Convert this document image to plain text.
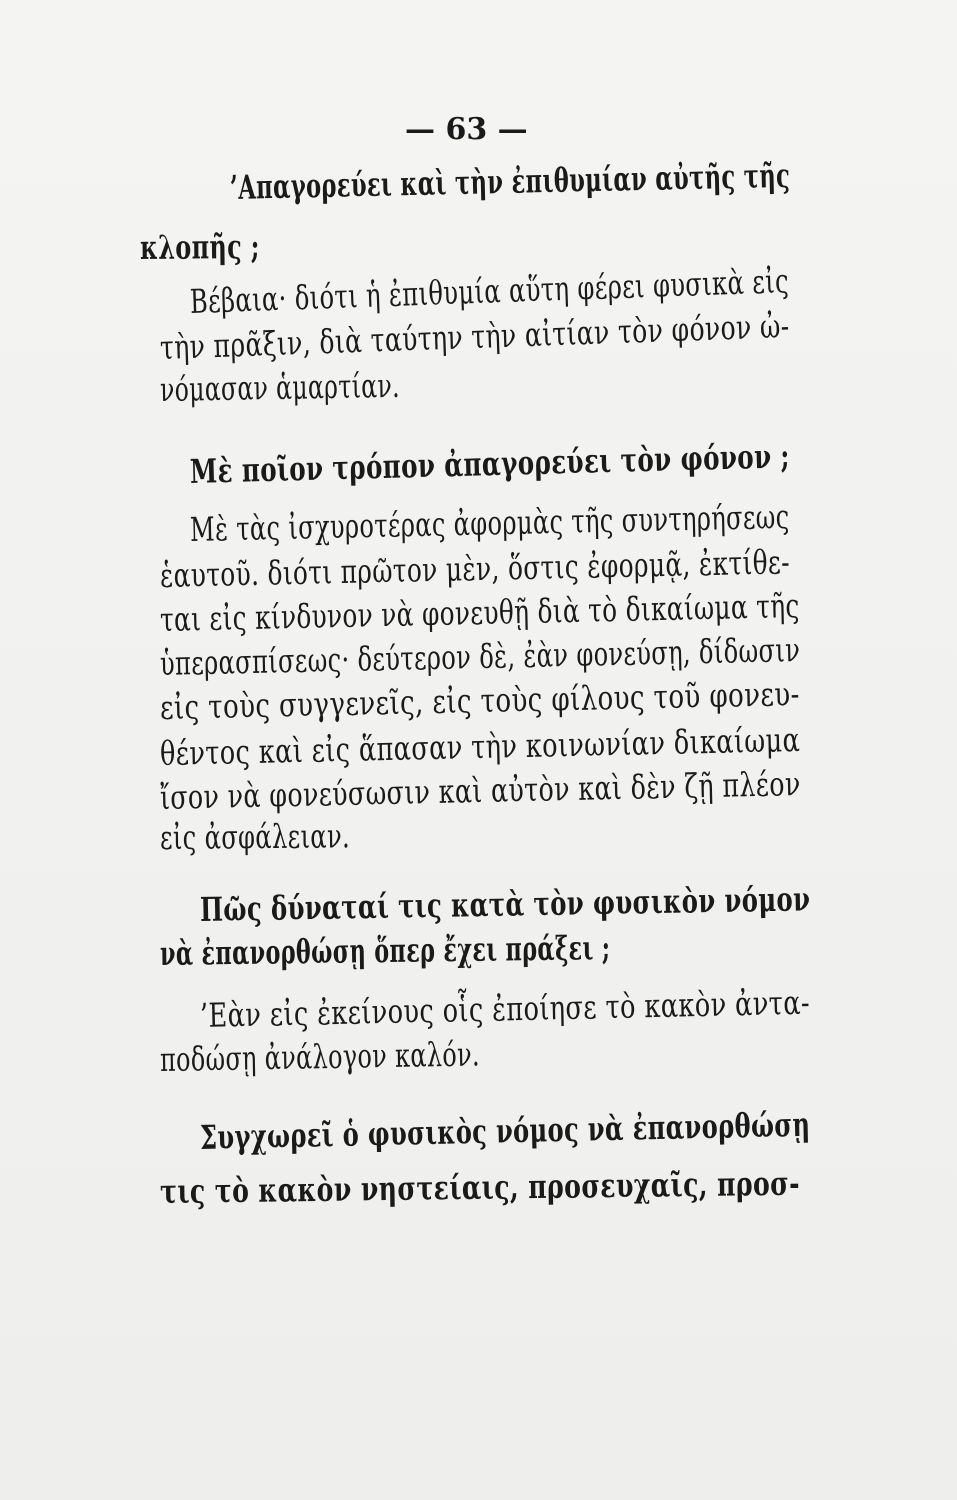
— 63 —
’Απαγορεύει καὶ τὴν ἐπιθυμίαν αὐτῆς τῆς
κλοπῆς ;
Βέβαια· διότι ἡ ἐπιθυμία αὕτη φέρει φυσικὰ εἰς
τὴν πρᾶξιν, διὰ ταύτην τὴν αἰτίαν τὸν φόνον ὠ-
νόμασαν ἁμαρτίαν.
Μὲ ποῖον τρόπον ἀπαγορεύει τὸν φόνον ;
Μὲ τὰς ἰσχυροτέρας ἀφορμὰς τῆς συντηρήσεως
ἑαυτοῦ. διότι πρῶτον μὲν, ὅστις ἐφορμᾷ, ἐκτίθε-
ται εἰς κίνδυνον νὰ φονευθῇ διὰ τὸ δικαίωμα τῆς
ὑπερασπίσεως· δεύτερον δὲ, ἐὰν φονεύσῃ, δίδωσιν
εἰς τοὺς συγγενεῖς, εἰς τοὺς φίλους τοῦ φονευ-
θέντος καὶ εἰς ἅπασαν τὴν κοινωνίαν δικαίωμα
ἴσον νὰ φονεύσωσιν καὶ αὐτὸν καὶ δὲν ζῇ πλέον
εἰς ἀσφάλειαν.
Πῶς δύναταί τις κατὰ τὸν φυσικὸν νόμον
νὰ ἐπανορθώσῃ ὅπερ ἔχει πράξει ;
’Εὰν εἰς ἐκείνους οἷς ἐποίησε τὸ κακὸν ἀντα-
ποδώσῃ ἀνάλογον καλόν.
Συγχωρεῖ ὁ φυσικὸς νόμος νὰ ἐπανορθώσῃ
τις τὸ κακὸν νηστείαις, προσευχαῖς, προσ-
